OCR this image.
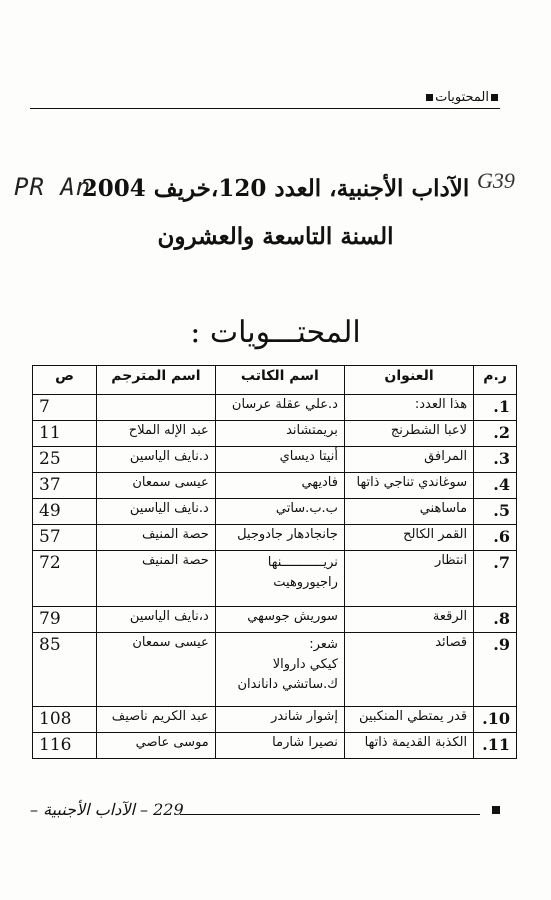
المحتويات
PR An	G39
الآداب الأجنبية، العدد 120،خريف 2004
السنة التاسعة والعشرون
المحتـــويات :
ر.م	العنوان	اسم الكاتب	اسم المترجم	ص
1.	هذا العدد:	د.علي عقلة عرسان		7
2.	لاعبا الشطرنج	بريمتشاند	عبد الإله الملاح	11
3.	المرافق	أنيتا ديساي	د.نايف الياسين	25
4.	سوغاندي تناجي ذاتها	فاديهي	عيسى سمعان	37
5.	ماساهني	ب.ب.ساتي	د.نايف الياسين	49
6.	القمر الكالح	جانجادهار جادوجيل	حصة المنيف	57
7.	انتظار	نريـــــــــــنها
راجيوروهيت	حصة المنيف	72
8.	الرقعة	سوريش جوسهي	د،نايف الياسين	79
9.	قصائد	شعر:
كيكي داروالا
ك.ساتشي داناندان	عيسى سمعان	85
10.	قدر يمتطي المنكبين	إشوار شاندر	عبد الكريم ناصيف	108
11.	الكذبة القديمة ذاتها	نصيرا شارما	موسى عاصي	116
229 – الآداب الأجنبية –
